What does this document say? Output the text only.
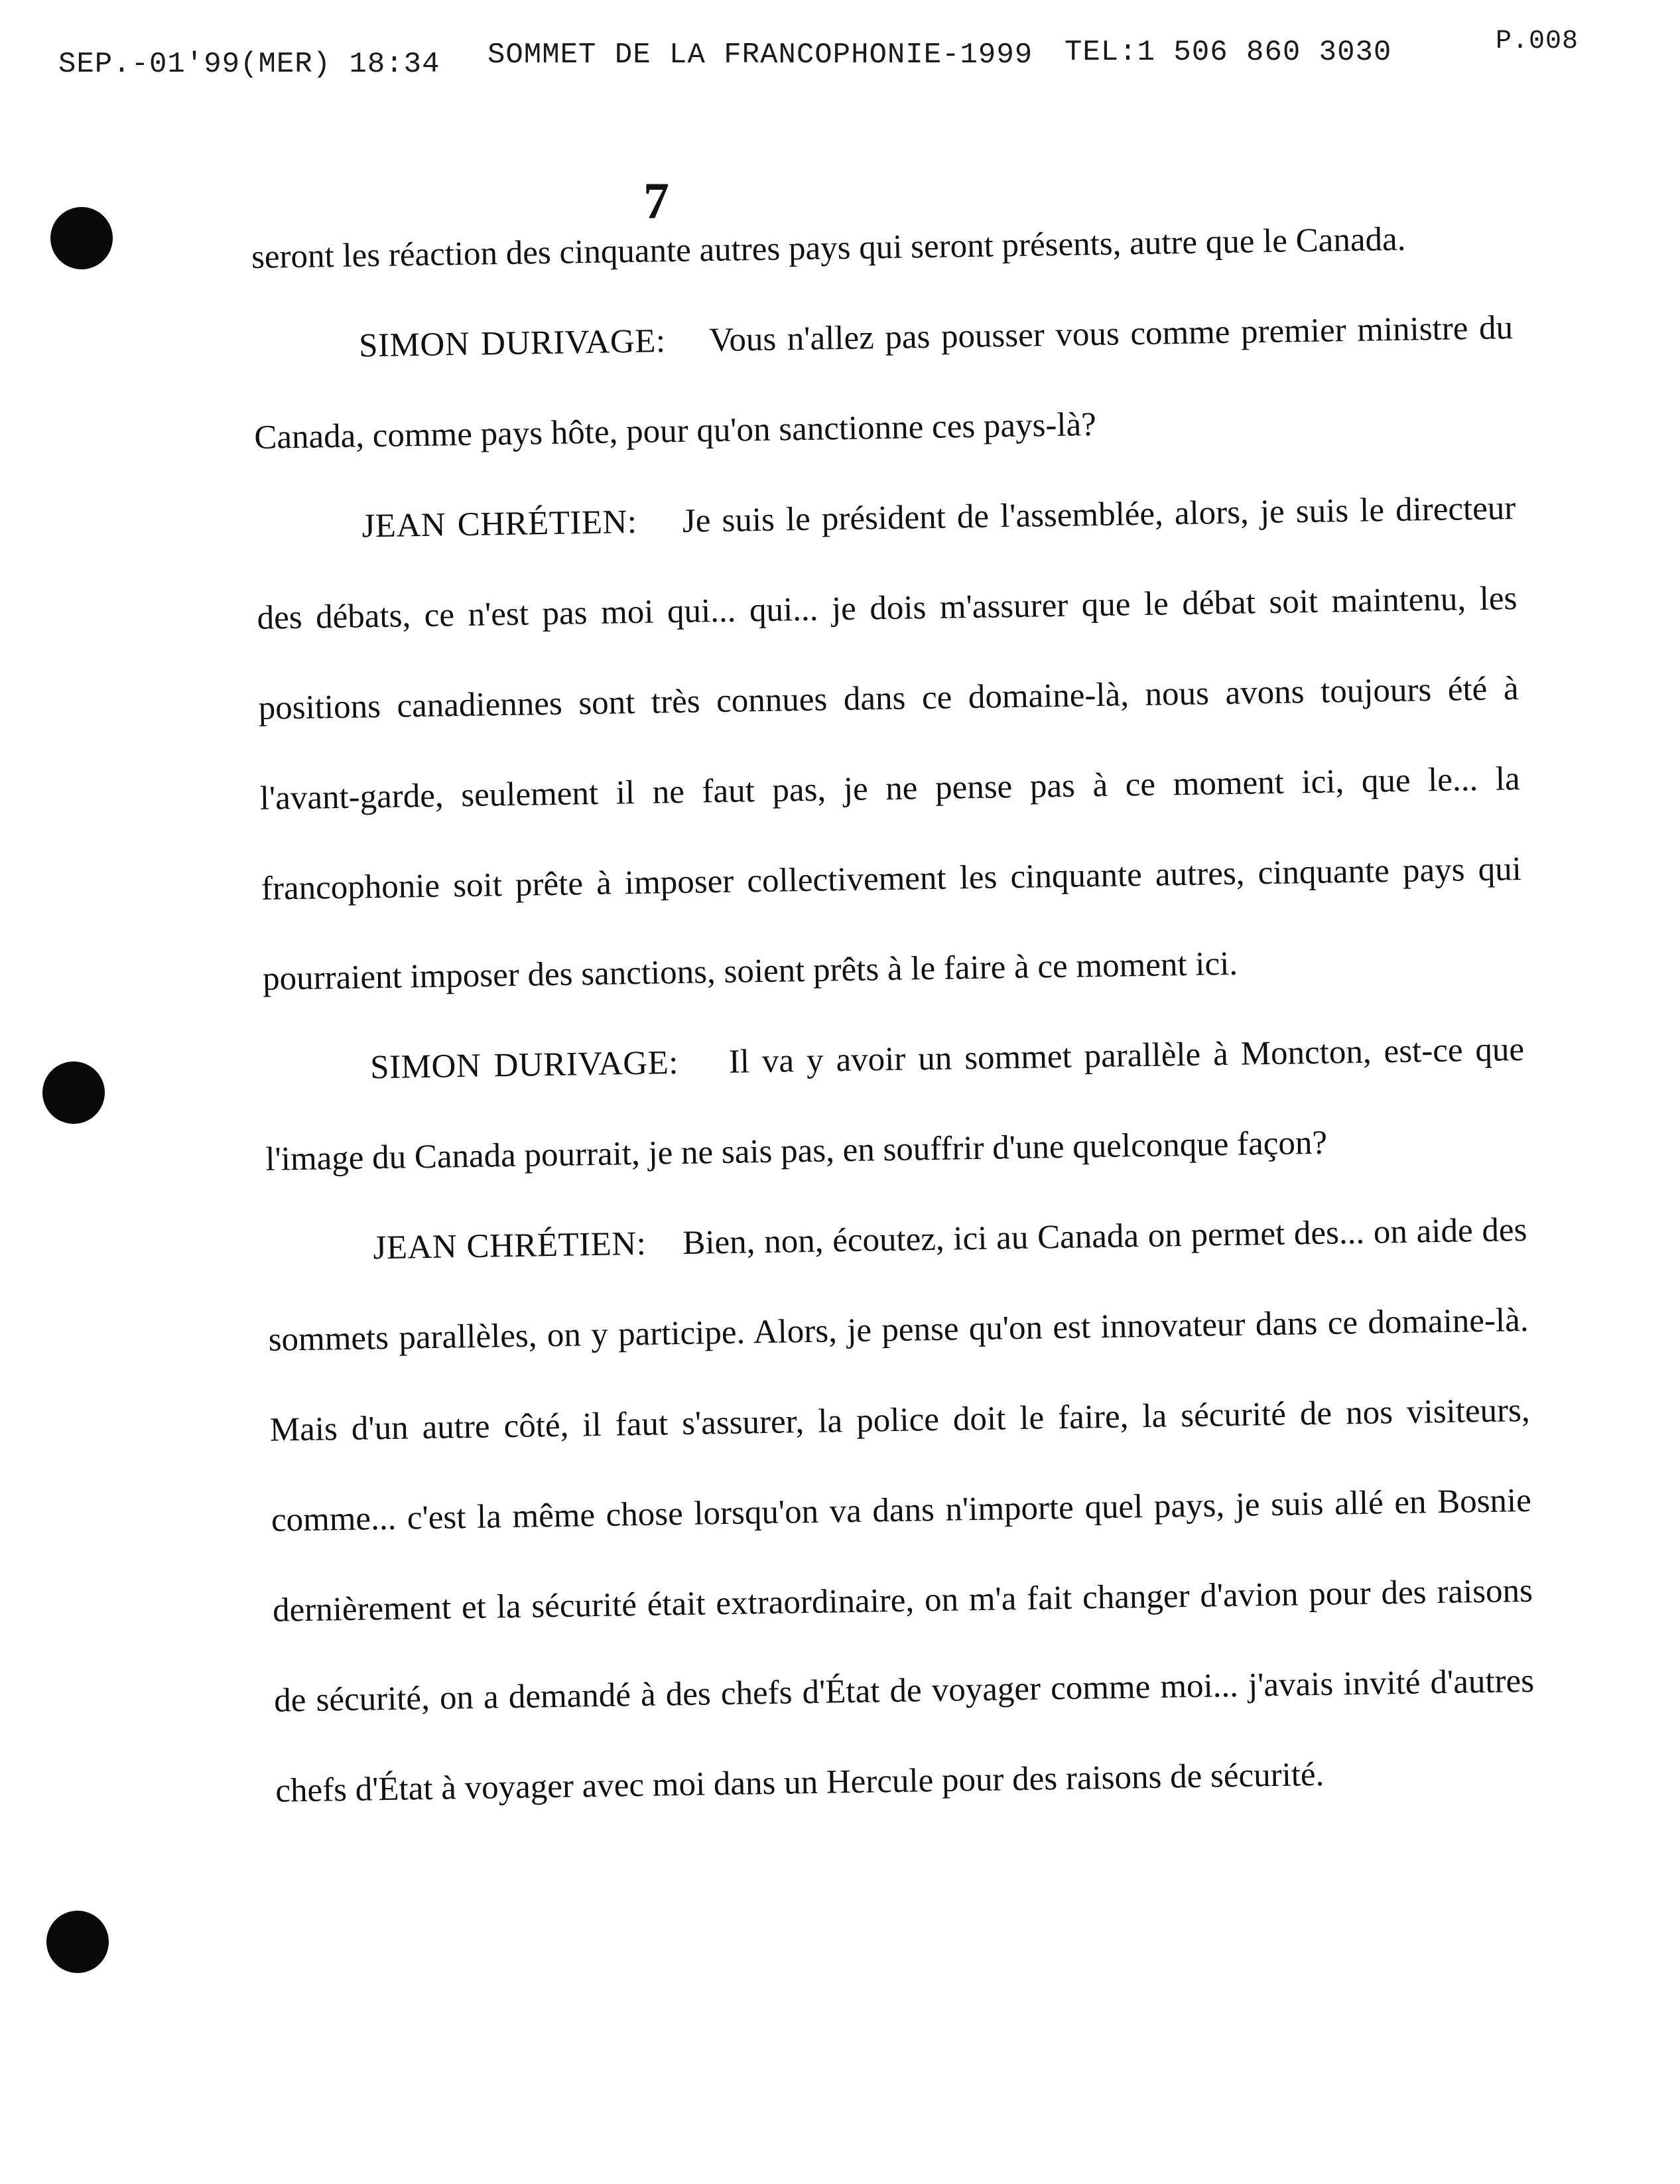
SEP.-01'99(MER) 18:34 SOMMET DE LA FRANCOPHONIE-1999 TEL:1 506 860 3030	P.008
7

seront les réaction des cinquante autres pays qui seront présents, autre que le Canada.

SIMON DURIVAGE: Vous n'allez pas pousser vous comme premier ministre du Canada, comme pays hôte, pour qu'on sanctionne ces pays-là?

JEAN CHRÉTIEN: Je suis le président de l'assemblée, alors, je suis le directeur des débats, ce n'est pas moi qui... qui... je dois m'assurer que le débat soit maintenu, les positions canadiennes sont très connues dans ce domaine-là, nous avons toujours été à l'avant-garde, seulement il ne faut pas, je ne pense pas à ce moment ici, que le... la francophonie soit prête à imposer collectivement les cinquante autres, cinquante pays qui pourraient imposer des sanctions, soient prêts à le faire à ce moment ici.

SIMON DURIVAGE: Il va y avoir un sommet parallèle à Moncton, est-ce que l'image du Canada pourrait, je ne sais pas, en souffrir d'une quelconque façon?

JEAN CHRÉTIEN: Bien, non, écoutez, ici au Canada on permet des... on aide des sommets parallèles, on y participe. Alors, je pense qu'on est innovateur dans ce domaine-là. Mais d'un autre côté, il faut s'assurer, la police doit le faire, la sécurité de nos visiteurs, comme... c'est la même chose lorsqu'on va dans n'importe quel pays, je suis allé en Bosnie dernièrement et la sécurité était extraordinaire, on m'a fait changer d'avion pour des raisons de sécurité, on a demandé à des chefs d'État de voyager comme moi... j'avais invité d'autres chefs d'État à voyager avec moi dans un Hercule pour des raisons de sécurité.
